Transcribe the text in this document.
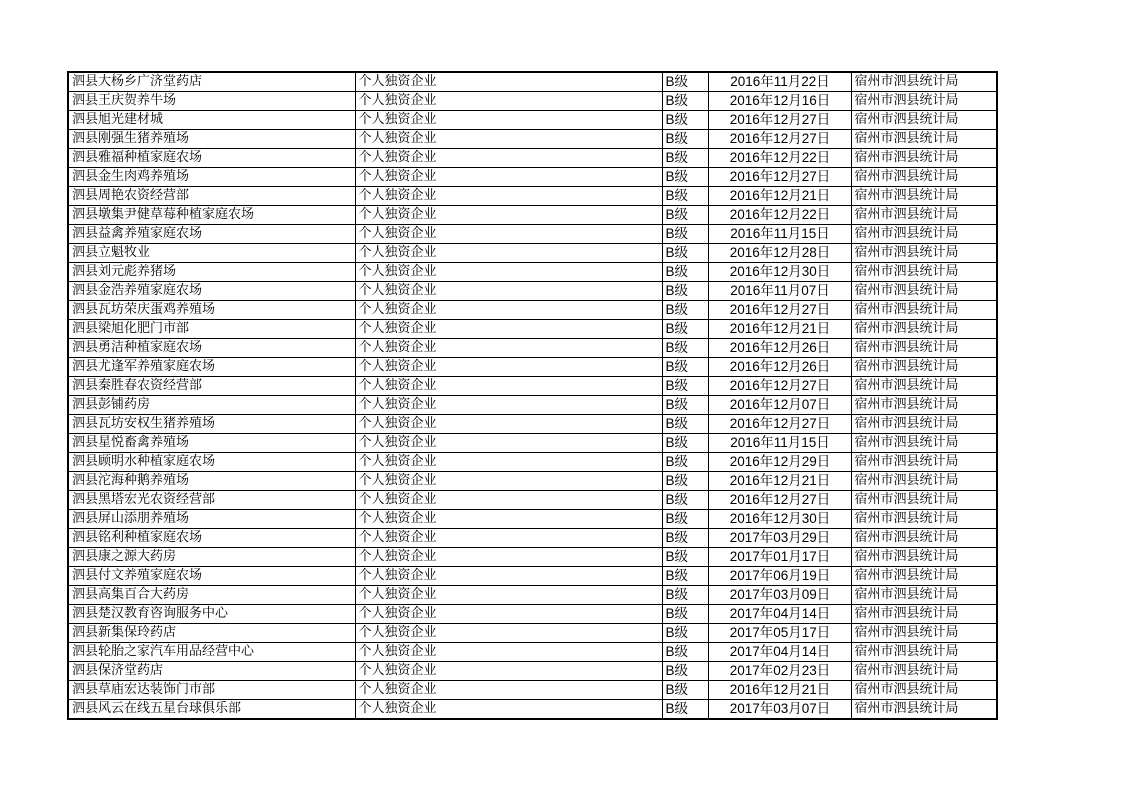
泗县大杨乡广济堂药店	个人独资企业	B级	2016年11月22日	宿州市泗县统计局
泗县王庆贺养牛场	个人独资企业	B级	2016年12月16日	宿州市泗县统计局
泗县旭光建材城	个人独资企业	B级	2016年12月27日	宿州市泗县统计局
泗县刚强生猪养殖场	个人独资企业	B级	2016年12月27日	宿州市泗县统计局
泗县雅福种植家庭农场	个人独资企业	B级	2016年12月22日	宿州市泗县统计局
泗县金生肉鸡养殖场	个人独资企业	B级	2016年12月27日	宿州市泗县统计局
泗县周艳农资经营部	个人独资企业	B级	2016年12月21日	宿州市泗县统计局
泗县墩集尹健草莓种植家庭农场	个人独资企业	B级	2016年12月22日	宿州市泗县统计局
泗县益禽养殖家庭农场	个人独资企业	B级	2016年11月15日	宿州市泗县统计局
泗县立魁牧业	个人独资企业	B级	2016年12月28日	宿州市泗县统计局
泗县刘元彪养猪场	个人独资企业	B级	2016年12月30日	宿州市泗县统计局
泗县金浩养殖家庭农场	个人独资企业	B级	2016年11月07日	宿州市泗县统计局
泗县瓦坊荣庆蛋鸡养殖场	个人独资企业	B级	2016年12月27日	宿州市泗县统计局
泗县梁旭化肥门市部	个人独资企业	B级	2016年12月21日	宿州市泗县统计局
泗县勇洁种植家庭农场	个人独资企业	B级	2016年12月26日	宿州市泗县统计局
泗县尤逢军养殖家庭农场	个人独资企业	B级	2016年12月26日	宿州市泗县统计局
泗县秦胜春农资经营部	个人独资企业	B级	2016年12月27日	宿州市泗县统计局
泗县彭铺药房	个人独资企业	B级	2016年12月07日	宿州市泗县统计局
泗县瓦坊安权生猪养殖场	个人独资企业	B级	2016年12月27日	宿州市泗县统计局
泗县星悦畜禽养殖场	个人独资企业	B级	2016年11月15日	宿州市泗县统计局
泗县顾明水种植家庭农场	个人独资企业	B级	2016年12月29日	宿州市泗县统计局
泗县沱海种鹅养殖场	个人独资企业	B级	2016年12月21日	宿州市泗县统计局
泗县黑塔宏光农资经营部	个人独资企业	B级	2016年12月27日	宿州市泗县统计局
泗县屏山添朋养殖场	个人独资企业	B级	2016年12月30日	宿州市泗县统计局
泗县铭利种植家庭农场	个人独资企业	B级	2017年03月29日	宿州市泗县统计局
泗县康之源大药房	个人独资企业	B级	2017年01月17日	宿州市泗县统计局
泗县付文养殖家庭农场	个人独资企业	B级	2017年06月19日	宿州市泗县统计局
泗县高集百合大药房	个人独资企业	B级	2017年03月09日	宿州市泗县统计局
泗县楚汉教育咨询服务中心	个人独资企业	B级	2017年04月14日	宿州市泗县统计局
泗县新集保玲药店	个人独资企业	B级	2017年05月17日	宿州市泗县统计局
泗县轮胎之家汽车用品经营中心	个人独资企业	B级	2017年04月14日	宿州市泗县统计局
泗县保济堂药店	个人独资企业	B级	2017年02月23日	宿州市泗县统计局
泗县草庙宏达装饰门市部	个人独资企业	B级	2016年12月21日	宿州市泗县统计局
泗县风云在线五星台球俱乐部	个人独资企业	B级	2017年03月07日	宿州市泗县统计局
